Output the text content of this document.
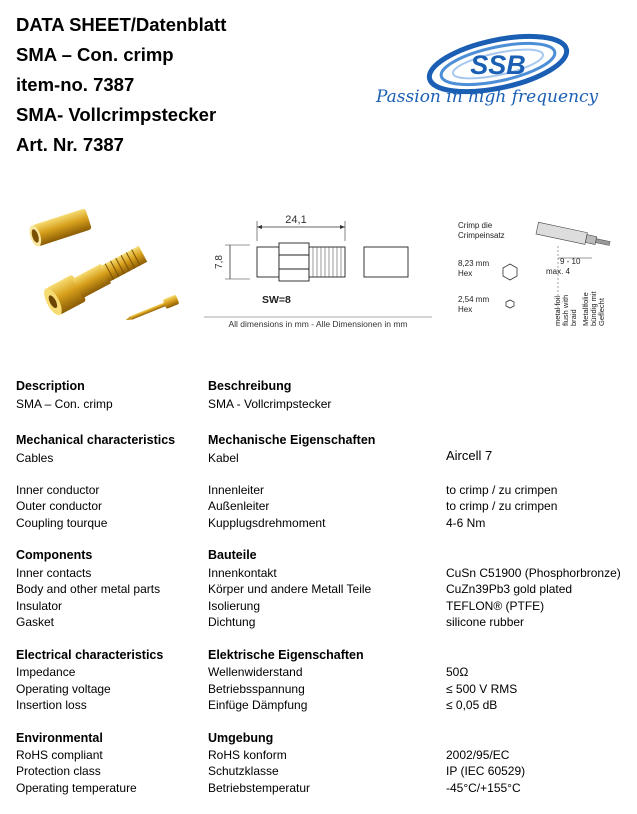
DATA SHEET/Datenblatt
SMA – Con. crimp
item-no. 7387
SMA- Vollcrimpstecker
Art. Nr. 7387
SSB
Passion in high frequency
24,1
7,8
SW=8
All dimensions in mm - Alle Dimensionen in mm
Crimp die
Crimpeinsatz
8,23 mm
Hex
2,54 mm
Hex
9 - 10
max. 4
metal foil flush with braid Metallfolie bündig mit Geflecht
Description	Beschreibung
SMA – Con. crimp	SMA - Vollcrimpstecker
Mechanical characteristics	Mechanische Eigenschaften
Cables	Kabel	Aircell 7
Inner conductor	Innenleiter	to crimp / zu crimpen
Outer conductor	Außenleiter	to crimp / zu crimpen
Coupling tourque	Kupplugsdrehmoment	4-6 Nm
Components	Bauteile
Inner contacts	Innenkontakt	CuSn C51900 (Phosphorbronze)
Body and other metal parts	Körper und andere Metall Teile	CuZn39Pb3 gold plated
Insulator	Isolierung	TEFLON® (PTFE)
Gasket	Dichtung	silicone rubber
Electrical characteristics	Elektrische Eigenschaften
Impedance	Wellenwiderstand	50Ω
Operating voltage	Betriebsspannung	≤ 500 V RMS
Insertion loss	Einfüge Dämpfung	≤ 0,05 dB
Environmental	Umgebung
RoHS compliant	RoHS konform	2002/95/EC
Protection class	Schutzklasse	IP (IEC 60529)
Operating temperature	Betriebstemperatur	-45°C/+155°C
